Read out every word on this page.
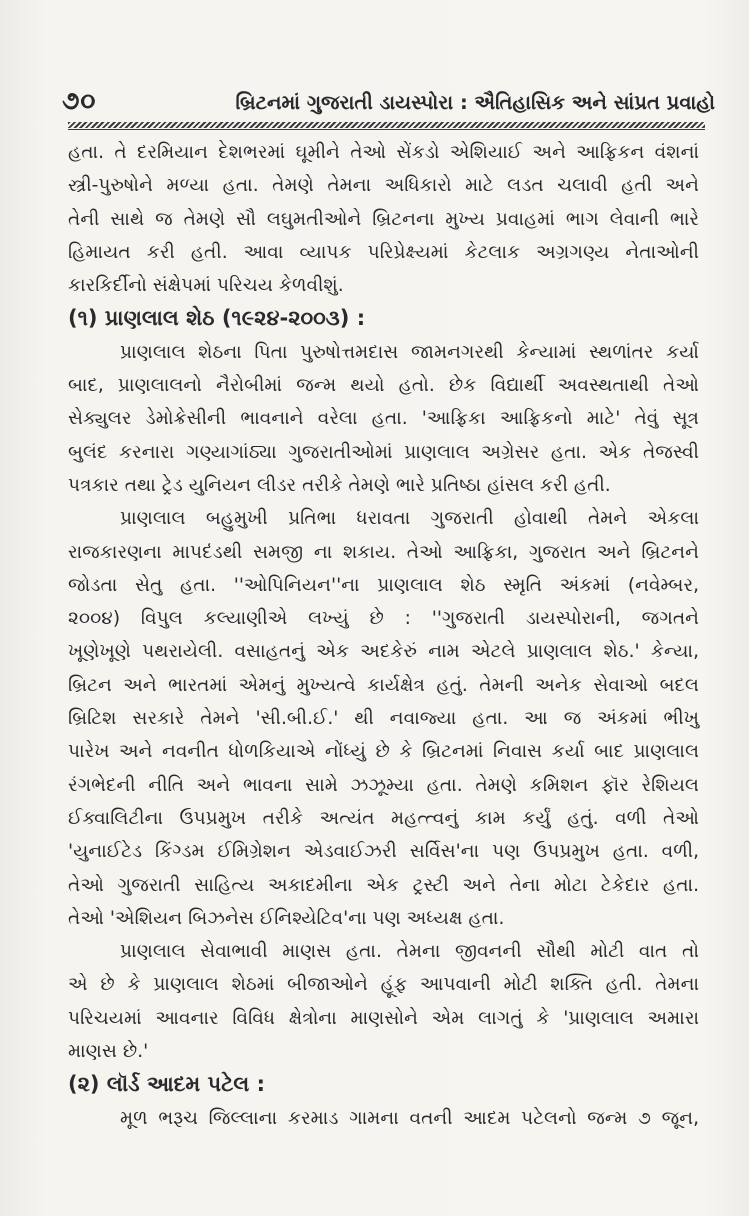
૭૦	બ્રિટનમાં ગુજરાતી ડાયસ્પોરા : ઐતિહાસિક અને સાંપ્રત પ્રવાહો
હતા. તે દરમિયાન દેશભરમાં ઘૂમીને તેઓ સેંકડો એશિયાઈ અને આફ્રિકન વંશનાં
સ્ત્રી-પુરુષોને મળ્યા હતા. તેમણે તેમના અધિકારો માટે લડત ચલાવી હતી અને
તેની સાથે જ તેમણે સૌ લઘુમતીઓને બ્રિટનના મુખ્ય પ્રવાહમાં ભાગ લેવાની ભારે
હિમાયત કરી હતી. આવા વ્યાપક પરિપ્રેક્ષ્યમાં કેટલાક અગ્રગણ્ય નેતાઓની
કારકિર્દીનો સંક્ષેપમાં પરિચય કેળવીશું.
(૧) પ્રાણલાલ શેઠ (૧૯૨૪-૨૦૦૩) :
પ્રાણલાલ શેઠના પિતા પુરુષોત્તમદાસ જામનગરથી કેન્યામાં સ્થળાંતર કર્યા
બાદ, પ્રાણલાલનો નૈરોબીમાં જન્મ થયો હતો. છેક વિદ્યાર્થી અવસ્થતાથી તેઓ
સેક્યુલર ડેમોક્રેસીની ભાવનાને વરેલા હતા. 'આફ્રિકા આફ્રિકનો માટે' તેવું સૂત્ર
બુલંદ કરનારા ગણ્યાગાંઠ્યા ગુજરાતીઓમાં પ્રાણલાલ અગ્રેસર હતા. એક તેજસ્વી
પત્રકાર તથા ટ્રેડ યુનિયન લીડર તરીકે તેમણે ભારે પ્રતિષ્ઠા હાંસલ કરી હતી.
પ્રાણલાલ બહુમુખી પ્રતિભા ધરાવતા ગુજરાતી હોવાથી તેમને એકલા
રાજકારણના માપદંડથી સમજી ના શકાય. તેઓ આફ્રિકા, ગુજરાત અને બ્રિટનને
જોડતા સેતુ હતા. ''ઓપિનિયન''ના પ્રાણલાલ શેઠ સ્મૃતિ અંકમાં (નવેમ્બર,
૨૦૦૪) વિપુલ કલ્યાણીએ લખ્યું છે : ''ગુજરાતી ડાયસ્પોરાની, જગતને
ખૂણેખૂણે પથરાયેલી. વસાહતનું એક અદકેરું નામ એટલે પ્રાણલાલ શેઠ.' કેન્યા,
બ્રિટન અને ભારતમાં એમનું મુખ્યત્વે કાર્યક્ષેત્ર હતું. તેમની અનેક સેવાઓ બદલ
બ્રિટિશ સરકારે તેમને 'સી.બી.ઈ.' થી નવાજ્યા હતા. આ જ અંકમાં ભીખુ
પારેખ અને નવનીત ધોળકિયાએ નોંધ્યું છે કે બ્રિટનમાં નિવાસ કર્યા બાદ પ્રાણલાલ
રંગભેદની નીતિ અને ભાવના સામે ઝઝૂમ્યા હતા. તેમણે કમિશન ફૉર રેશિયલ
ઈક્વાલિટીના ઉપપ્રમુખ તરીકે અત્યંત મહત્ત્વનું કામ કર્યું હતું. વળી તેઓ
'યુનાઈટેડ કિંગ્ડમ ઈમિગ્રેશન એડવાઈઝરી સર્વિસ'ના પણ ઉપપ્રમુખ હતા. વળી,
તેઓ ગુજરાતી સાહિત્ય અકાદમીના એક ટ્રસ્ટી અને તેના મોટા ટેકેદાર હતા.
તેઓ 'એશિયન બિઝનેસ ઈનિશ્યેટિવ'ના પણ અધ્યક્ષ હતા.
પ્રાણલાલ સેવાભાવી માણસ હતા. તેમના જીવનની સૌથી મોટી વાત તો
એ છે કે પ્રાણલાલ શેઠમાં બીજાઓને હૂંફ આપવાની મોટી શક્તિ હતી. તેમના
પરિચયમાં આવનાર વિવિધ ક્ષેત્રોના માણસોને એમ લાગતું કે 'પ્રાણલાલ અમારા
માણસ છે.'
(૨) લૉર્ડ આદમ પટેલ :
મૂળ ભરૂચ જિલ્લાના કરમાડ ગામના વતની આદમ પટેલનો જન્મ ૭ જૂન,
